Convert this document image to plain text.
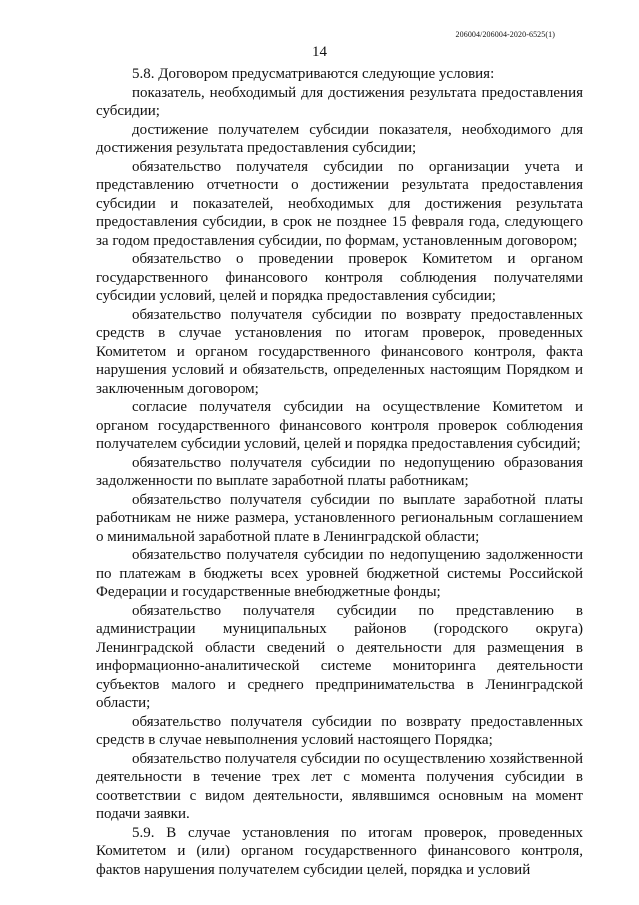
206004/206004-2020-6525(1)
14

5.8. Договором предусматриваются следующие условия:

показатель, необходимый для достижения результата предоставления субсидии;

достижение получателем субсидии показателя, необходимого для достижения результата предоставления субсидии;

обязательство получателя субсидии по организации учета и представлению отчетности о достижении результата предоставления субсидии и показателей, необходимых для достижения результата предоставления субсидии, в срок не позднее 15 февраля года, следующего за годом предоставления субсидии, по формам, установленным договором;

обязательство о проведении проверок Комитетом и органом государственного финансового контроля соблюдения получателями субсидии условий, целей и порядка предоставления субсидии;

обязательство получателя субсидии по возврату предоставленных средств в случае установления по итогам проверок, проведенных Комитетом и органом государственного финансового контроля, факта нарушения условий и обязательств, определенных настоящим Порядком и заключенным договором;

согласие получателя субсидии на осуществление Комитетом и органом государственного финансового контроля проверок соблюдения получателем субсидии условий, целей и порядка предоставления субсидий;

обязательство получателя субсидии по недопущению образования задолженности по выплате заработной платы работникам;

обязательство получателя субсидии по выплате заработной платы работникам не ниже размера, установленного региональным соглашением о минимальной заработной плате в Ленинградской области;

обязательство получателя субсидии по недопущению задолженности по платежам в бюджеты всех уровней бюджетной системы Российской Федерации и государственные внебюджетные фонды;

обязательство получателя субсидии по представлению в администрации муниципальных районов (городского округа) Ленинградской области сведений о деятельности для размещения в информационно-аналитической системе мониторинга деятельности субъектов малого и среднего предпринимательства в Ленинградской области;

обязательство получателя субсидии по возврату предоставленных средств в случае невыполнения условий настоящего Порядка;

обязательство получателя субсидии по осуществлению хозяйственной деятельности в течение трех лет с момента получения субсидии в соответствии с видом деятельности, являвшимся основным на момент подачи заявки.

5.9. В случае установления по итогам проверок, проведенных Комитетом и (или) органом государственного финансового контроля, фактов нарушения получателем субсидии целей, порядка и условий
